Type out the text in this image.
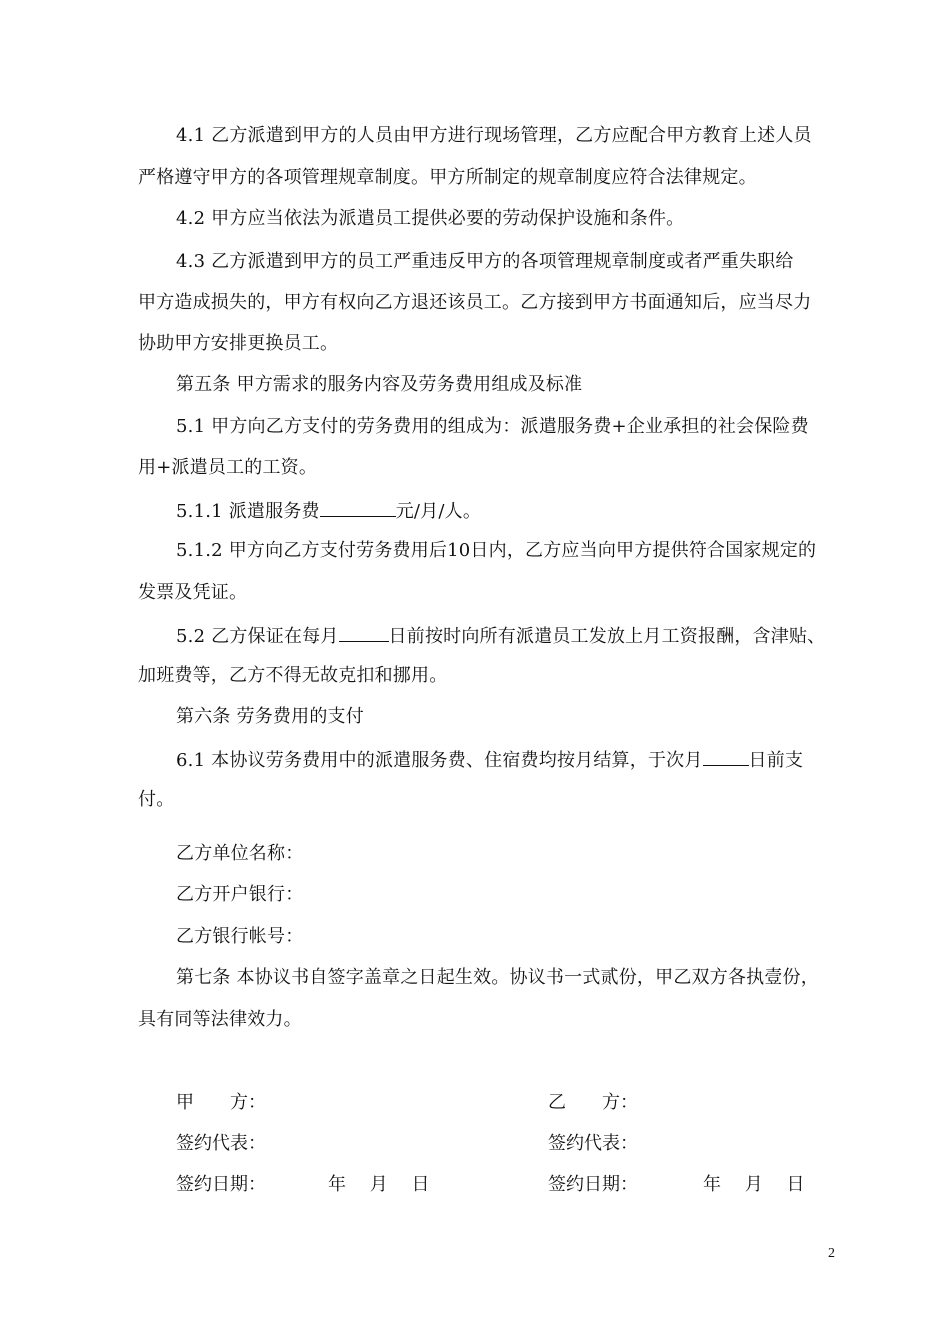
4.1 乙方派遣到甲方的人员由甲方进行现场管理，乙方应配合甲方教育上述人员
严格遵守甲方的各项管理规章制度。甲方所制定的规章制度应符合法律规定。
4.2 甲方应当依法为派遣员工提供必要的劳动保护设施和条件。
4.3 乙方派遣到甲方的员工严重违反甲方的各项管理规章制度或者严重失职给
甲方造成损失的，甲方有权向乙方退还该员工。乙方接到甲方书面通知后，应当尽力
协助甲方安排更换员工。
第五条 甲方需求的服务内容及劳务费用组成及标准
5.1 甲方向乙方支付的劳务费用的组成为：派遣服务费+企业承担的社会保险费
用+派遣员工的工资。
5.1.1 派遣服务费	元/月/人。
5.1.2 甲方向乙方支付劳务费用后10日内，乙方应当向甲方提供符合国家规定的
发票及凭证。
5.2 乙方保证在每月	日前按时向所有派遣员工发放上月工资报酬，含津贴、
加班费等，乙方不得无故克扣和挪用。
第六条 劳务费用的支付
6.1 本协议劳务费用中的派遣服务费、住宿费均按月结算，于次月	日前支
付。
乙方单位名称：
乙方开户银行：
乙方银行帐号：
第七条 本协议书自签字盖章之日起生效。协议书一式贰份，甲乙双方各执壹份，
具有同等法律效力。
甲　　方：	乙　　方：
签约代表：	签约代表：
签约日期：	年　 月　 日	签约日期：	年　 月　 日
2
